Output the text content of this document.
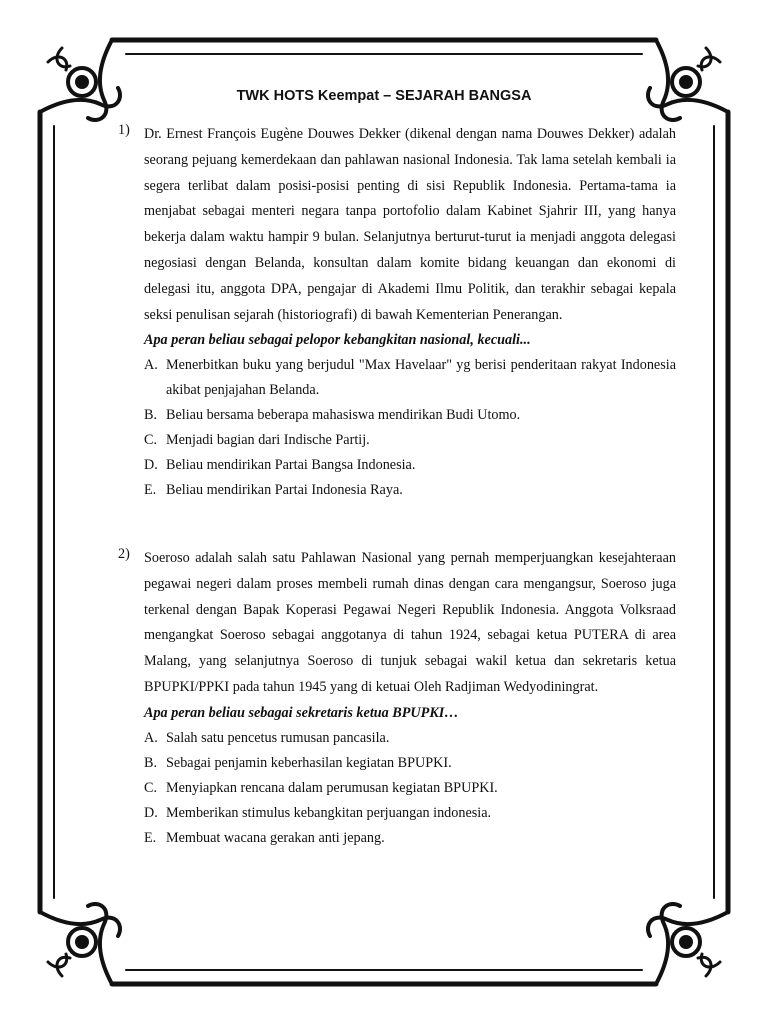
TWK HOTS Keempat – SEJARAH BANGSA
1) Dr. Ernest François Eugène Douwes Dekker (dikenal dengan nama Douwes Dekker) adalah seorang pejuang kemerdekaan dan pahlawan nasional Indonesia. Tak lama setelah kembali ia segera terlibat dalam posisi-posisi penting di sisi Republik Indonesia. Pertama-tama ia menjabat sebagai menteri negara tanpa portofolio dalam Kabinet Sjahrir III, yang hanya bekerja dalam waktu hampir 9 bulan. Selanjutnya berturut-turut ia menjadi anggota delegasi negosiasi dengan Belanda, konsultan dalam komite bidang keuangan dan ekonomi di delegasi itu, anggota DPA, pengajar di Akademi Ilmu Politik, dan terakhir sebagai kepala seksi penulisan sejarah (historiografi) di bawah Kementerian Penerangan.
Apa peran beliau sebagai pelopor kebangkitan nasional, kecuali...
A. Menerbitkan buku yang berjudul "Max Havelaar" yg berisi penderitaan rakyat Indonesia akibat penjajahan Belanda.
B. Beliau bersama beberapa mahasiswa mendirikan Budi Utomo.
C. Menjadi bagian dari Indische Partij.
D. Beliau mendirikan Partai Bangsa Indonesia.
E. Beliau mendirikan Partai Indonesia Raya.
2) Soeroso adalah salah satu Pahlawan Nasional yang pernah memperjuangkan kesejahteraan pegawai negeri dalam proses membeli rumah dinas dengan cara mengangsur, Soeroso juga terkenal dengan Bapak Koperasi Pegawai Negeri Republik Indonesia. Anggota Volksraad mengangkat Soeroso sebagai anggotanya di tahun 1924, sebagai ketua PUTERA di area Malang, yang selanjutnya Soeroso di tunjuk sebagai wakil ketua dan sekretaris ketua BPUPKI/PPKI pada tahun 1945 yang di ketuai Oleh Radjiman Wedyodiningrat.
Apa peran beliau sebagai sekretaris ketua BPUPKI…
A. Salah satu pencetus rumusan pancasila.
B. Sebagai penjamin keberhasilan kegiatan BPUPKI.
C. Menyiapkan rencana dalam perumusan kegiatan BPUPKI.
D. Memberikan stimulus kebangkitan perjuangan indonesia.
E. Membuat wacana gerakan anti jepang.
